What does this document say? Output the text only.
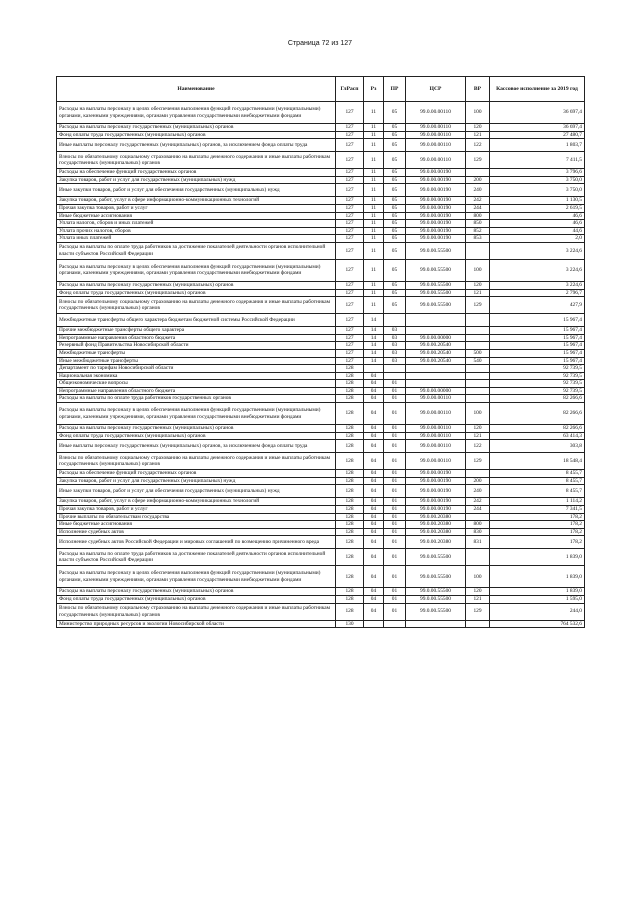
Страница 72 из 127
Наименование	ГлРасп	Рз	ПР	ЦСР	ВР	Кассовое исполнение за 2019 год
Расходы на выплаты персоналу в целях обеспечения выполнения функций государственными (муниципальными) органами, казенными учреждениями, органами управления государственными внебюджетными фондами	127	11	05	99.0.00.00110	100	36 697,4
Расходы на выплаты персоналу государственных (муниципальных) органов	127	11	05	99.0.00.00110	120	36 697,4
Фонд оплаты труда государственных (муниципальных) органов	127	11	05	99.0.00.00110	121	27 480,7
Иные выплаты персоналу государственных (муниципальных) органов, за исключением фонда оплаты труда	127	11	05	99.0.00.00110	122	1 803,7
Взносы по обязательному социальному страхованию на выплаты денежного содержания и иные выплаты работникам государственных (муниципальных) органов	127	11	05	99.0.00.00110	129	7 411,5
Расходы на обеспечение функций государственных органов	127	11	05	99.0.00.00190		3 796,6
Закупка товаров, работ и услуг для государственных (муниципальных) нужд	127	11	05	99.0.00.00190	200	3 750,0
Иные закупки товаров, работ и услуг для обеспечения государственных (муниципальных) нужд	127	11	05	99.0.00.00190	240	3 750,0
Закупка товаров, работ, услуг в сфере информационно-коммуникационных технологий	127	11	05	99.0.00.00190	242	1 130,5
Прочая закупка товаров, работ и услуг	127	11	05	99.0.00.00190	244	2 619,5
Иные бюджетные ассигнования	127	11	05	99.0.00.00190	800	46,6
Уплата налогов, сборов и иных платежей	127	11	05	99.0.00.00190	850	46,6
Уплата прочих налогов, сборов	127	11	05	99.0.00.00190	852	44,6
Уплата иных платежей	127	11	05	99.0.00.00190	853	2,0
Расходы на выплаты по оплате труда работников за достижение показателей деятельности органов исполнительной власти субъектов Российской Федерации	127	11	05	99.0.00.55500		3 224,6
Расходы на выплаты персоналу в целях обеспечения выполнения функций государственными (муниципальными) органами, казенными учреждениями, органами управления государственными внебюджетными фондами	127	11	05	99.0.00.55500	100	3 224,6
Расходы на выплаты персоналу государственных (муниципальных) органов	127	11	05	99.0.00.55500	120	3 224,6
Фонд оплаты труда государственных (муниципальных) органов	127	11	05	99.0.00.55500	121	2 796,7
Взносы по обязательному социальному страхованию на выплаты денежного содержания и иные выплаты работникам государственных (муниципальных) органов	127	11	05	99.0.00.55500	129	427,9
Межбюджетные трансферты общего характера бюджетам бюджетной системы Российской Федерации	127	14				15 967,4
Прочие межбюджетные трансферты общего характера	127	14	03			15 967,4
Непрограммные направления областного бюджета	127	14	03	99.0.00.00000		15 967,4
Резервный фонд Правительства Новосибирской области	127	14	03	99.0.00.20540		15 967,4
Межбюджетные трансферты	127	14	03	99.0.00.20540	500	15 967,4
Иные межбюджетные трансферты	127	14	03	99.0.00.20540	540	15 967,4
Департамент по тарифам Новосибирской области	128					92 739,5
Национальная экономика	128	04				92 739,5
Общеэкономические вопросы	128	04	01			92 739,5
Непрограммные направления областного бюджета	128	04	01	99.0.00.00000		92 739,5
Расходы на выплаты по оплате труда работников государственных органов	128	04	01	99.0.00.00110		82 266,6
Расходы на выплаты персоналу в целях обеспечения выполнения функций государственными (муниципальными) органами, казенными учреждениями, органами управления государственными внебюджетными фондами	128	04	01	99.0.00.00110	100	82 266,6
Расходы на выплаты персоналу государственных (муниципальных) органов	128	04	01	99.0.00.00110	120	82 266,6
Фонд оплаты труда государственных (муниципальных) органов	128	04	01	99.0.00.00110	121	63 414,3
Иные выплаты персоналу государственных (муниципальных) органов, за исключением фонда оплаты труда	128	04	01	99.0.00.00110	122	303,8
Взносы по обязательному социальному страхованию на выплаты денежного содержания и иные выплаты работникам государственных (муниципальных) органов	128	04	01	99.0.00.00110	129	18 548,4
Расходы на обеспечение функций государственных органов	128	04	01	99.0.00.00190		8 455,7
Закупка товаров, работ и услуг для государственных (муниципальных) нужд	128	04	01	99.0.00.00190	200	8 455,7
Иные закупки товаров, работ и услуг для обеспечения государственных (муниципальных) нужд	128	04	01	99.0.00.00190	240	8 455,7
Закупка товаров, работ, услуг в сфере информационно-коммуникационных технологий	128	04	01	99.0.00.00190	242	1 114,2
Прочая закупка товаров, работ и услуг	128	04	01	99.0.00.00190	244	7 341,5
Прочие выплаты по обязательствам государства	128	04	01	99.0.00.20380		178,2
Иные бюджетные ассигнования	128	04	01	99.0.00.20380	800	178,2
Исполнение судебных актов	128	04	01	99.0.00.20380	830	178,2
Исполнение судебных актов Российской Федерации и мировых соглашений по возмещению причиненного вреда	128	04	01	99.0.00.20380	831	178,2
Расходы на выплаты по оплате труда работников за достижение показателей деятельности органов исполнительной власти субъектов Российской Федерации	128	04	01	99.0.00.55500		1 839,0
Расходы на выплаты персоналу в целях обеспечения выполнения функций государственными (муниципальными) органами, казенными учреждениями, органами управления государственными внебюджетными фондами	128	04	01	99.0.00.55500	100	1 839,0
Расходы на выплаты персоналу государственных (муниципальных) органов	128	04	01	99.0.00.55500	120	1 839,0
Фонд оплаты труда государственных (муниципальных) органов	128	04	01	99.0.00.55500	121	1 595,0
Взносы по обязательному социальному страхованию на выплаты денежного содержания и иные выплаты работникам государственных (муниципальных) органов	128	04	01	99.0.00.55500	129	244,0
Министерство природных ресурсов и экологии Новосибирской области	130					764 532,6
